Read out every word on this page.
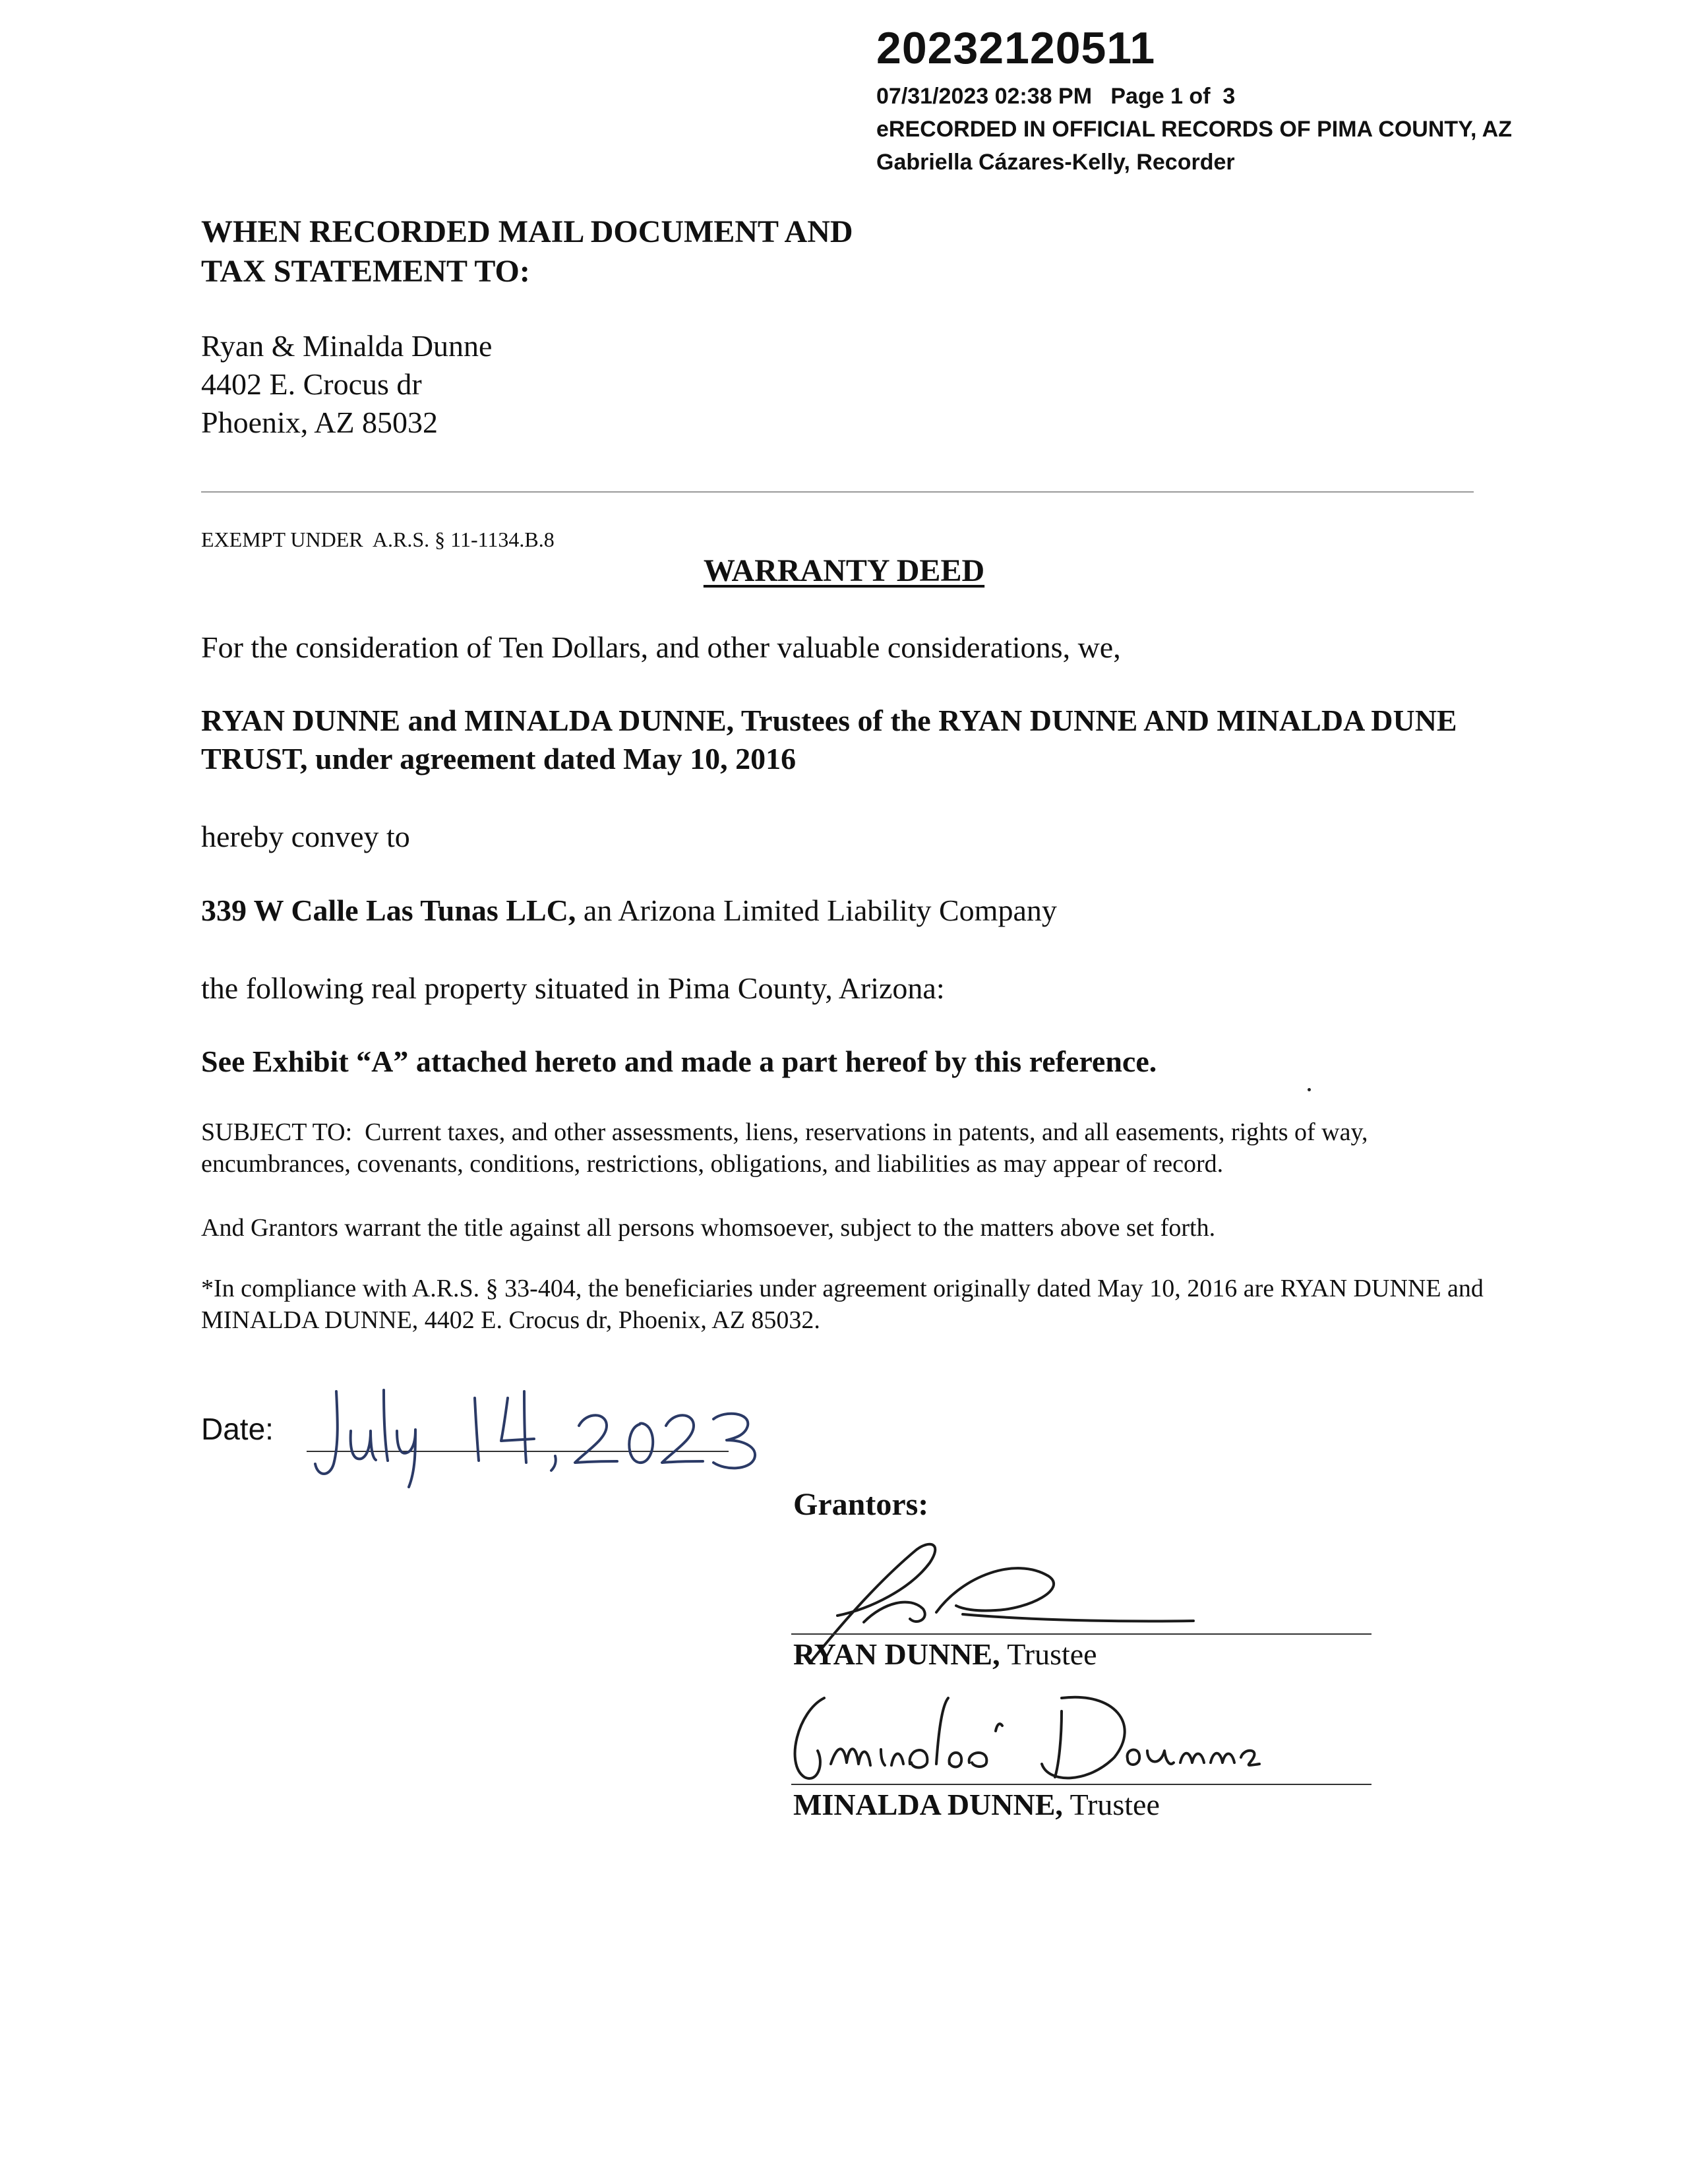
20232120511
07/31/2023 02:38 PM   Page 1 of  3
eRECORDED IN OFFICIAL RECORDS OF PIMA COUNTY, AZ
Gabriella Cázares-Kelly, Recorder
WHEN RECORDED MAIL DOCUMENT AND
TAX STATEMENT TO:
Ryan & Minalda Dunne
4402 E. Crocus dr
Phoenix, AZ 85032
EXEMPT UNDER  A.R.S. § 11-1134.B.8
WARRANTY DEED
For the consideration of Ten Dollars, and other valuable considerations, we,
RYAN DUNNE and MINALDA DUNNE, Trustees of the RYAN DUNNE AND MINALDA DUNE TRUST, under agreement dated May 10, 2016
hereby convey to
339 W Calle Las Tunas LLC, an Arizona Limited Liability Company
the following real property situated in Pima County, Arizona:
See Exhibit “A” attached hereto and made a part hereof by this reference.
SUBJECT TO:  Current taxes, and other assessments, liens, reservations in patents, and all easements, rights of way, encumbrances, covenants, conditions, restrictions, obligations, and liabilities as may appear of record.
And Grantors warrant the title against all persons whomsoever, subject to the matters above set forth.
*In compliance with A.R.S. § 33-404, the beneficiaries under agreement originally dated May 10, 2016 are RYAN DUNNE and MINALDA DUNNE, 4402 E. Crocus dr, Phoenix, AZ 85032.
Date:
Grantors:
RYAN DUNNE, Trustee
MINALDA DUNNE, Trustee
